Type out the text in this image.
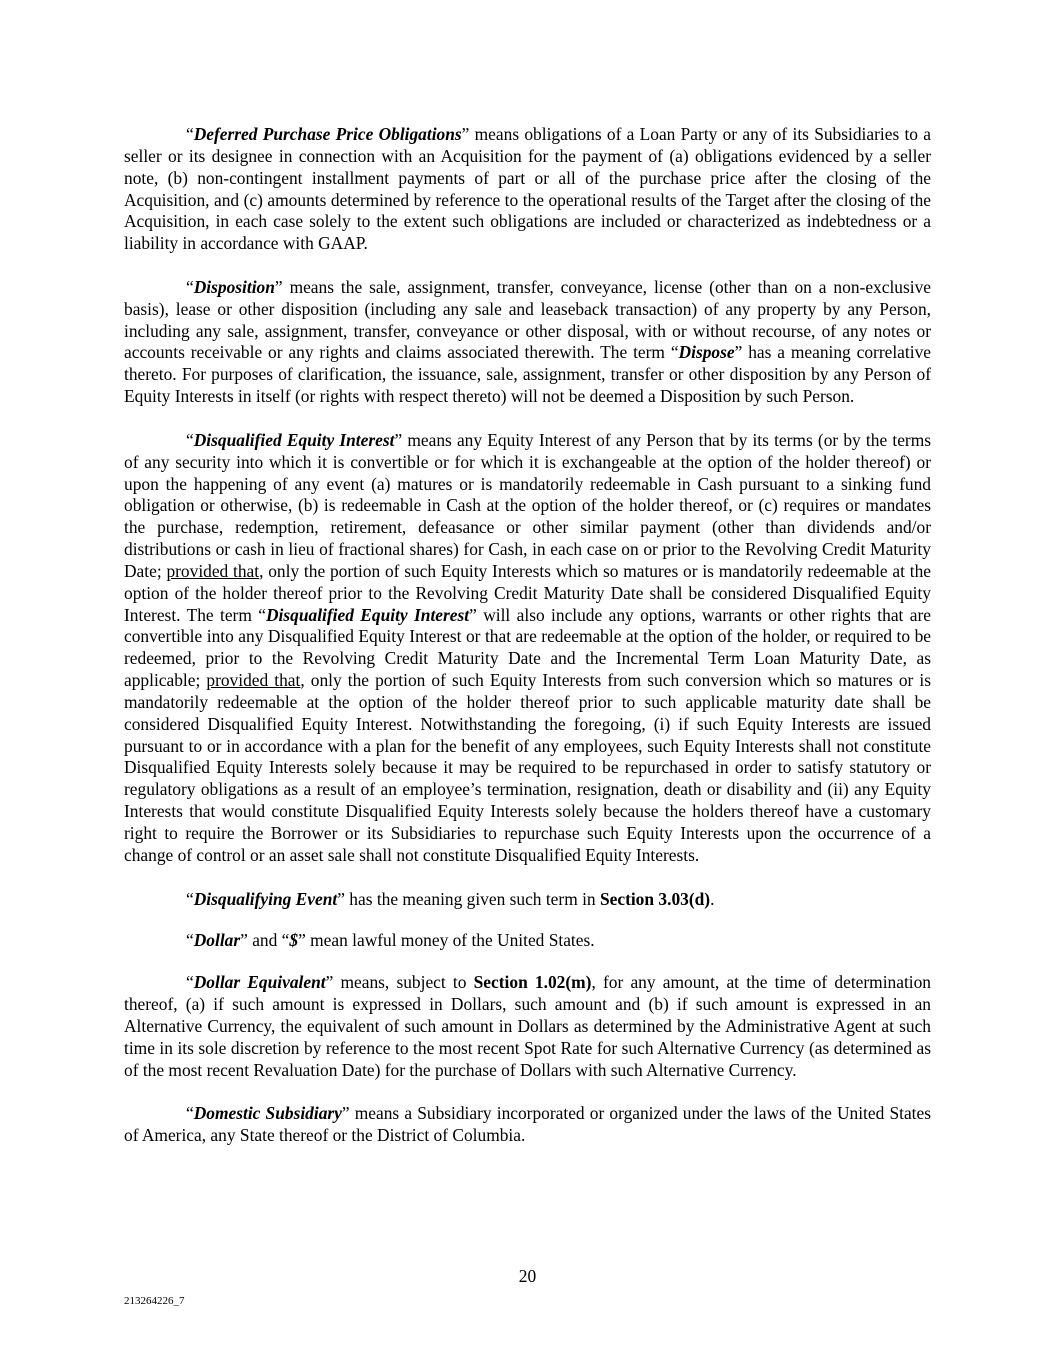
“Deferred Purchase Price Obligations” means obligations of a Loan Party or any of its Subsidiaries to a seller or its designee in connection with an Acquisition for the payment of (a) obligations evidenced by a seller note, (b) non-contingent installment payments of part or all of the purchase price after the closing of the Acquisition, and (c) amounts determined by reference to the operational results of the Target after the closing of the Acquisition, in each case solely to the extent such obligations are included or characterized as indebtedness or a liability in accordance with GAAP.

“Disposition” means the sale, assignment, transfer, conveyance, license (other than on a non-exclusive basis), lease or other disposition (including any sale and leaseback transaction) of any property by any Person, including any sale, assignment, transfer, conveyance or other disposal, with or without recourse, of any notes or accounts receivable or any rights and claims associated therewith. The term “Dispose” has a meaning correlative thereto. For purposes of clarification, the issuance, sale, assignment, transfer or other disposition by any Person of Equity Interests in itself (or rights with respect thereto) will not be deemed a Disposition by such Person.

“Disqualified Equity Interest” means any Equity Interest of any Person that by its terms (or by the terms of any security into which it is convertible or for which it is exchangeable at the option of the holder thereof) or upon the happening of any event (a) matures or is mandatorily redeemable in Cash pursuant to a sinking fund obligation or otherwise, (b) is redeemable in Cash at the option of the holder thereof, or (c) requires or mandates the purchase, redemption, retirement, defeasance or other similar payment (other than dividends and/or distributions or cash in lieu of fractional shares) for Cash, in each case on or prior to the Revolving Credit Maturity Date; provided that, only the portion of such Equity Interests which so matures or is mandatorily redeemable at the option of the holder thereof prior to the Revolving Credit Maturity Date shall be considered Disqualified Equity Interest. The term “Disqualified Equity Interest” will also include any options, warrants or other rights that are convertible into any Disqualified Equity Interest or that are redeemable at the option of the holder, or required to be redeemed, prior to the Revolving Credit Maturity Date and the Incremental Term Loan Maturity Date, as applicable; provided that, only the portion of such Equity Interests from such conversion which so matures or is mandatorily redeemable at the option of the holder thereof prior to such applicable maturity date shall be considered Disqualified Equity Interest. Notwithstanding the foregoing, (i) if such Equity Interests are issued pursuant to or in accordance with a plan for the benefit of any employees, such Equity Interests shall not constitute Disqualified Equity Interests solely because it may be required to be repurchased in order to satisfy statutory or regulatory obligations as a result of an employee’s termination, resignation, death or disability and (ii) any Equity Interests that would constitute Disqualified Equity Interests solely because the holders thereof have a customary right to require the Borrower or its Subsidiaries to repurchase such Equity Interests upon the occurrence of a change of control or an asset sale shall not constitute Disqualified Equity Interests.

“Disqualifying Event” has the meaning given such term in Section 3.03(d).

“Dollar” and “$” mean lawful money of the United States.

“Dollar Equivalent” means, subject to Section 1.02(m), for any amount, at the time of determination thereof, (a) if such amount is expressed in Dollars, such amount and (b) if such amount is expressed in an Alternative Currency, the equivalent of such amount in Dollars as determined by the Administrative Agent at such time in its sole discretion by reference to the most recent Spot Rate for such Alternative Currency (as determined as of the most recent Revaluation Date) for the purchase of Dollars with such Alternative Currency.

“Domestic Subsidiary” means a Subsidiary incorporated or organized under the laws of the United States of America, any State thereof or the District of Columbia.

20
213264226_7
